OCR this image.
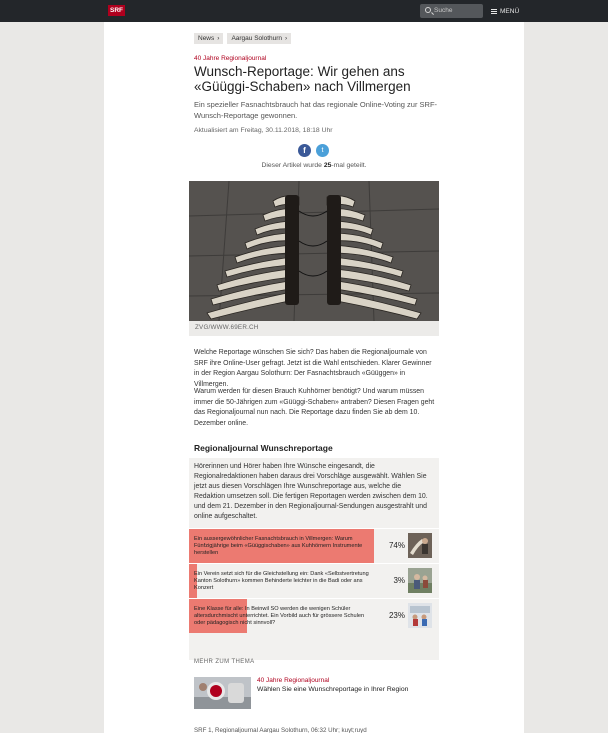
SRF	Suche	MENÜ
News ›	Aargau Solothurn ›
40 Jahre Regionaljournal
Wunsch-Reportage: Wir gehen ans «Güüggi-Schaben» nach Villmergen

Ein spezieller Fasnachtsbrauch hat das regionale Online-Voting zur SRF-Wunsch-Reportage gewonnen.

Aktualisiert am Freitag, 30.11.2018, 18:18 Uhr
f	t
Dieser Artikel wurde 25-mal geteilt.
ZVG/WWW.69ER.CH

Welche Reportage wünschen Sie sich? Das haben die Regionaljournale von SRF ihre Online-User gefragt. Jetzt ist die Wahl entschieden. Klarer Gewinner in der Region Aargau Solothurn: Der Fasnachtsbrauch «Güüggen» in Villmergen.

Warum werden für diesen Brauch Kuhhörner benötigt? Und warum müssen immer die 50-Jährigen zum «Güüggi-Schaben» antraben? Diesen Fragen geht das Regionaljournal nun nach. Die Reportage dazu finden Sie ab dem 10. Dezember online.

Regionaljournal Wunschreportage

Hörerinnen und Hörer haben Ihre Wünsche eingesandt, die Regionalredaktionen haben daraus drei Vorschläge ausgewählt. Wählen Sie jetzt aus diesen Vorschlägen Ihre Wunschreportage aus, welche die Redaktion umsetzen soll. Die fertigen Reportagen werden zwischen dem 10. und dem 21. Dezember in den Regionaljournal-Sendungen ausgestrahlt und online aufgeschaltet.

Ein aussergewöhnlicher Fasnachtsbrauch in Villmergen: Warum Fünfzigjährige beim «Güüggischaben» aus Kuhhörnern Instrumente herstellen
74%
Ein Verein setzt sich für die Gleichstellung ein: Dank «Selbstvertretung Kanton Solothurn» kommen Behinderte leichter in die Badi oder ans Konzert
3%
Eine Klasse für alle: In Beinwil SO werden die wenigen Schüler altersdurchmischt unterrichtet. Ein Vorbild auch für grössere Schulen oder pädagogisch nicht sinnvoll?
23%
MEHR ZUM THEMA
40 Jahre Regionaljournal
Wählen Sie eine Wunschreportage in Ihrer Region
SRF 1, Regionaljournal Aargau Solothurn, 06:32 Uhr; kuyt;ruyd
